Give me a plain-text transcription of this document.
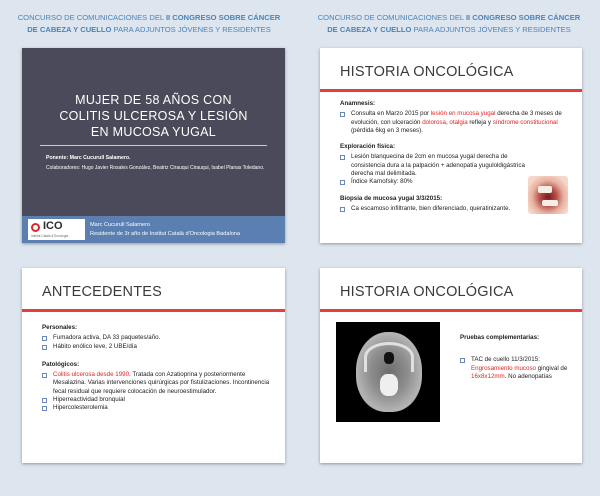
CONCURSO DE COMUNICACIONES DEL II CONGRESO SOBRE CÁNCER DE CABEZA Y CUELLO PARA ADJUNTOS JÓVENES Y RESIDENTES
CONCURSO DE COMUNICACIONES DEL II CONGRESO SOBRE CÁNCER DE CABEZA Y CUELLO PARA ADJUNTOS JÓVENES Y RESIDENTES
MUJER DE 58 AÑOS CON
COLITIS ULCEROSA Y LESIÓN
EN MUCOSA YUGAL
Ponente: Marc Cucurull Salamero.
Colaboradores: Hugo Javier Rosales González, Beatriz Cirauqui Cirauqui, Isabel Planas Toledano.
ICO
Institut Català d'Oncologia
Marc Cucurull Salamero
Residente de 3r año de Institut Català d'Oncologia Badalona
HISTORIA ONCOLÓGICA
Anamnesis:
Consulta en Marzo 2015 por lesión en mucosa yugal derecha de 3 meses de evolución, con ulceración dolorosa, otalgia refleja y síndrome constitucional (pérdida 6kg en 3 meses).
Exploración física:
Lesión blanquecina de 2cm en mucosa yugal derecha de consistencia dura a la palpación + adenopatía yuguloldigástrica derecha mal delimitada.
Índice Karnofsky: 80%
Biopsia de mucosa yugal 3/3/2015:
Ca escamoso infiltrante, bien diferenciado, queratinizante.
ANTECEDENTES
Personales:
Fumadora activa, DA 33 paquetes/año.
Hábito enólico leve, 2 UBE/día
Patológicos:
Colitis ulcerosa desde 1990. Tratada con Azatioprina y posteriormente Mesalazina. Varias intervenciones quirúrgicas por fistulizaciones. Incontinencia fecal residual que requiere colocación de neuroestimulador.
Hiperreactividad bronquial
Hipercolesterolemia
HISTORIA ONCOLÓGICA
Pruebas complementarias:
TAC de cuello 11/3/2015: Engrosamiento mucoso gingival de 16x8x12mm. No adenopatías
